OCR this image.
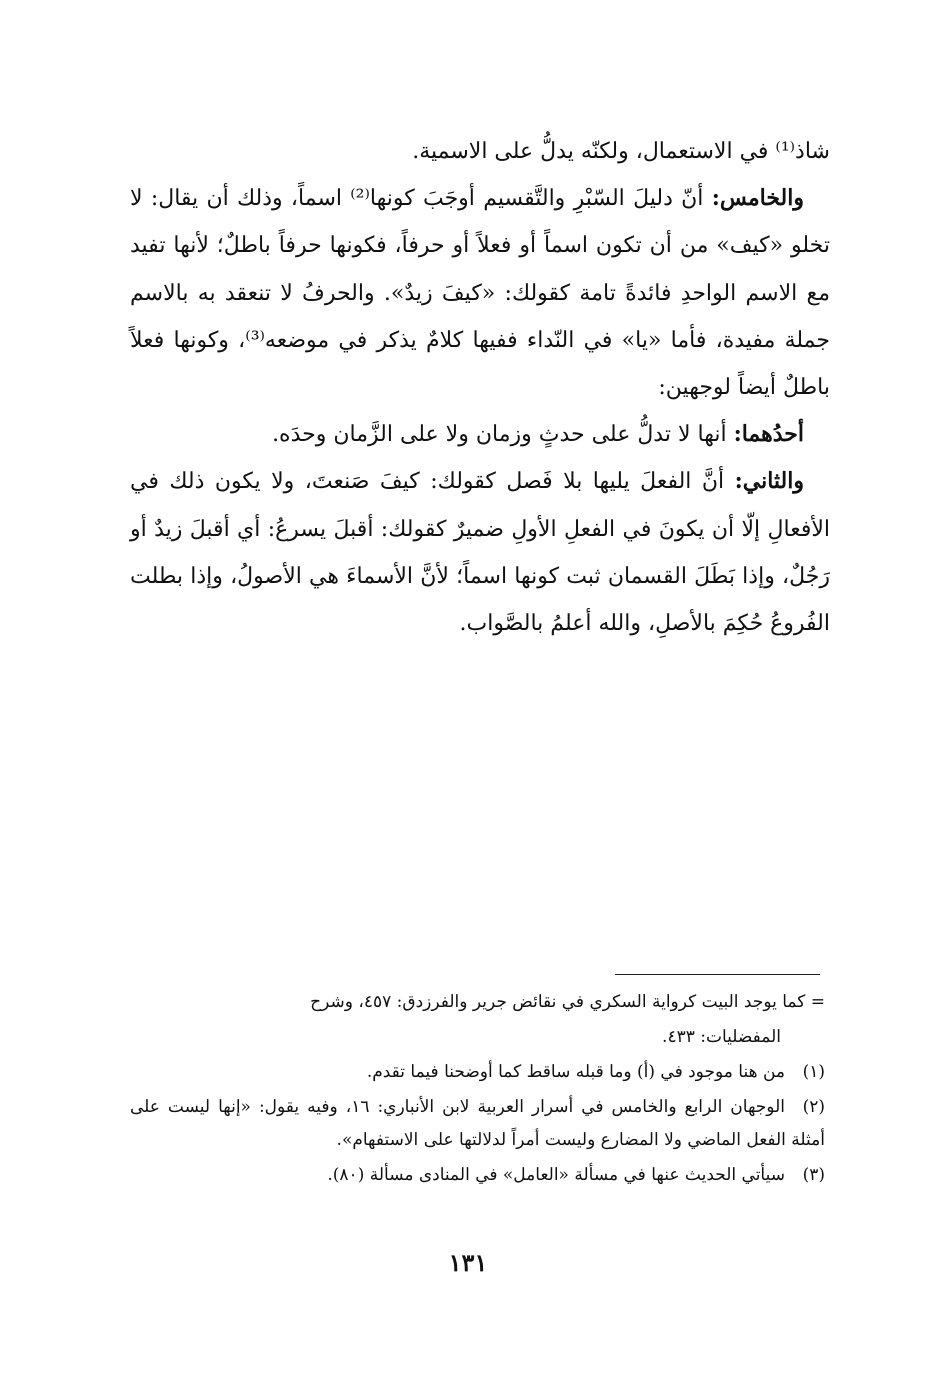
شاذ⁽¹⁾ في الاستعمال، ولكنّه يدلُّ على الاسمية.

والخامس: أنّ دليلَ السّبْرِ والتَّقسيم أوجَبَ كونها⁽²⁾ اسماً، وذلك أن يقال: لا تخلو «كيف» من أن تكون اسماً أو فعلاً أو حرفاً، فكونها حرفاً باطلٌ؛ لأنها تفيد مع الاسم الواحدِ فائدةً تامة كقولك: «كيفَ زيدٌ». والحرفُ لا تنعقد به بالاسم جملة مفيدة، فأما «يا» في النّداء ففيها كلامٌ يذكر في موضعه⁽³⁾، وكونها فعلاً باطلٌ أيضاً لوجهين:

أحدُهما: أنها لا تدلُّ على حدثٍ وزمان ولا على الزَّمان وحدَه.

والثاني: أنَّ الفعلَ يليها بلا فَصل كقولك: كيفَ صَنعتَ، ولا يكون ذلك في الأفعالِ إلّا أن يكونَ في الفعلِ الأولِ ضميرٌ كقولك: أقبلَ يسرعُ: أي أقبلَ زيدٌ أو رَجُلٌ، وإذا بَطَلَ القسمان ثبت كونها اسماً؛ لأنَّ الأسماءَ هي الأصولُ، وإذا بطلت الفُروعُ حُكِمَ بالأصلِ، والله أعلمُ بالصَّواب.

= كما يوجد البيت كرواية السكري في نقائض جرير والفرزدق: ٤٥٧، وشرح

المفضليات: ٤٣٣.

(١)من هنا موجود في (أ) وما قبله ساقط كما أوضحنا فيما تقدم.

(٢)الوجهان الرابع والخامس في أسرار العربية لابن الأنباري: ١٦، وفيه يقول: «إنها ليست على أمثلة الفعل الماضي ولا المضارع وليست أمراً لدلالتها على الاستفهام».

(٣)سيأتي الحديث عنها في مسألة «العامل» في المنادى مسألة (٨٠).

١٣١
